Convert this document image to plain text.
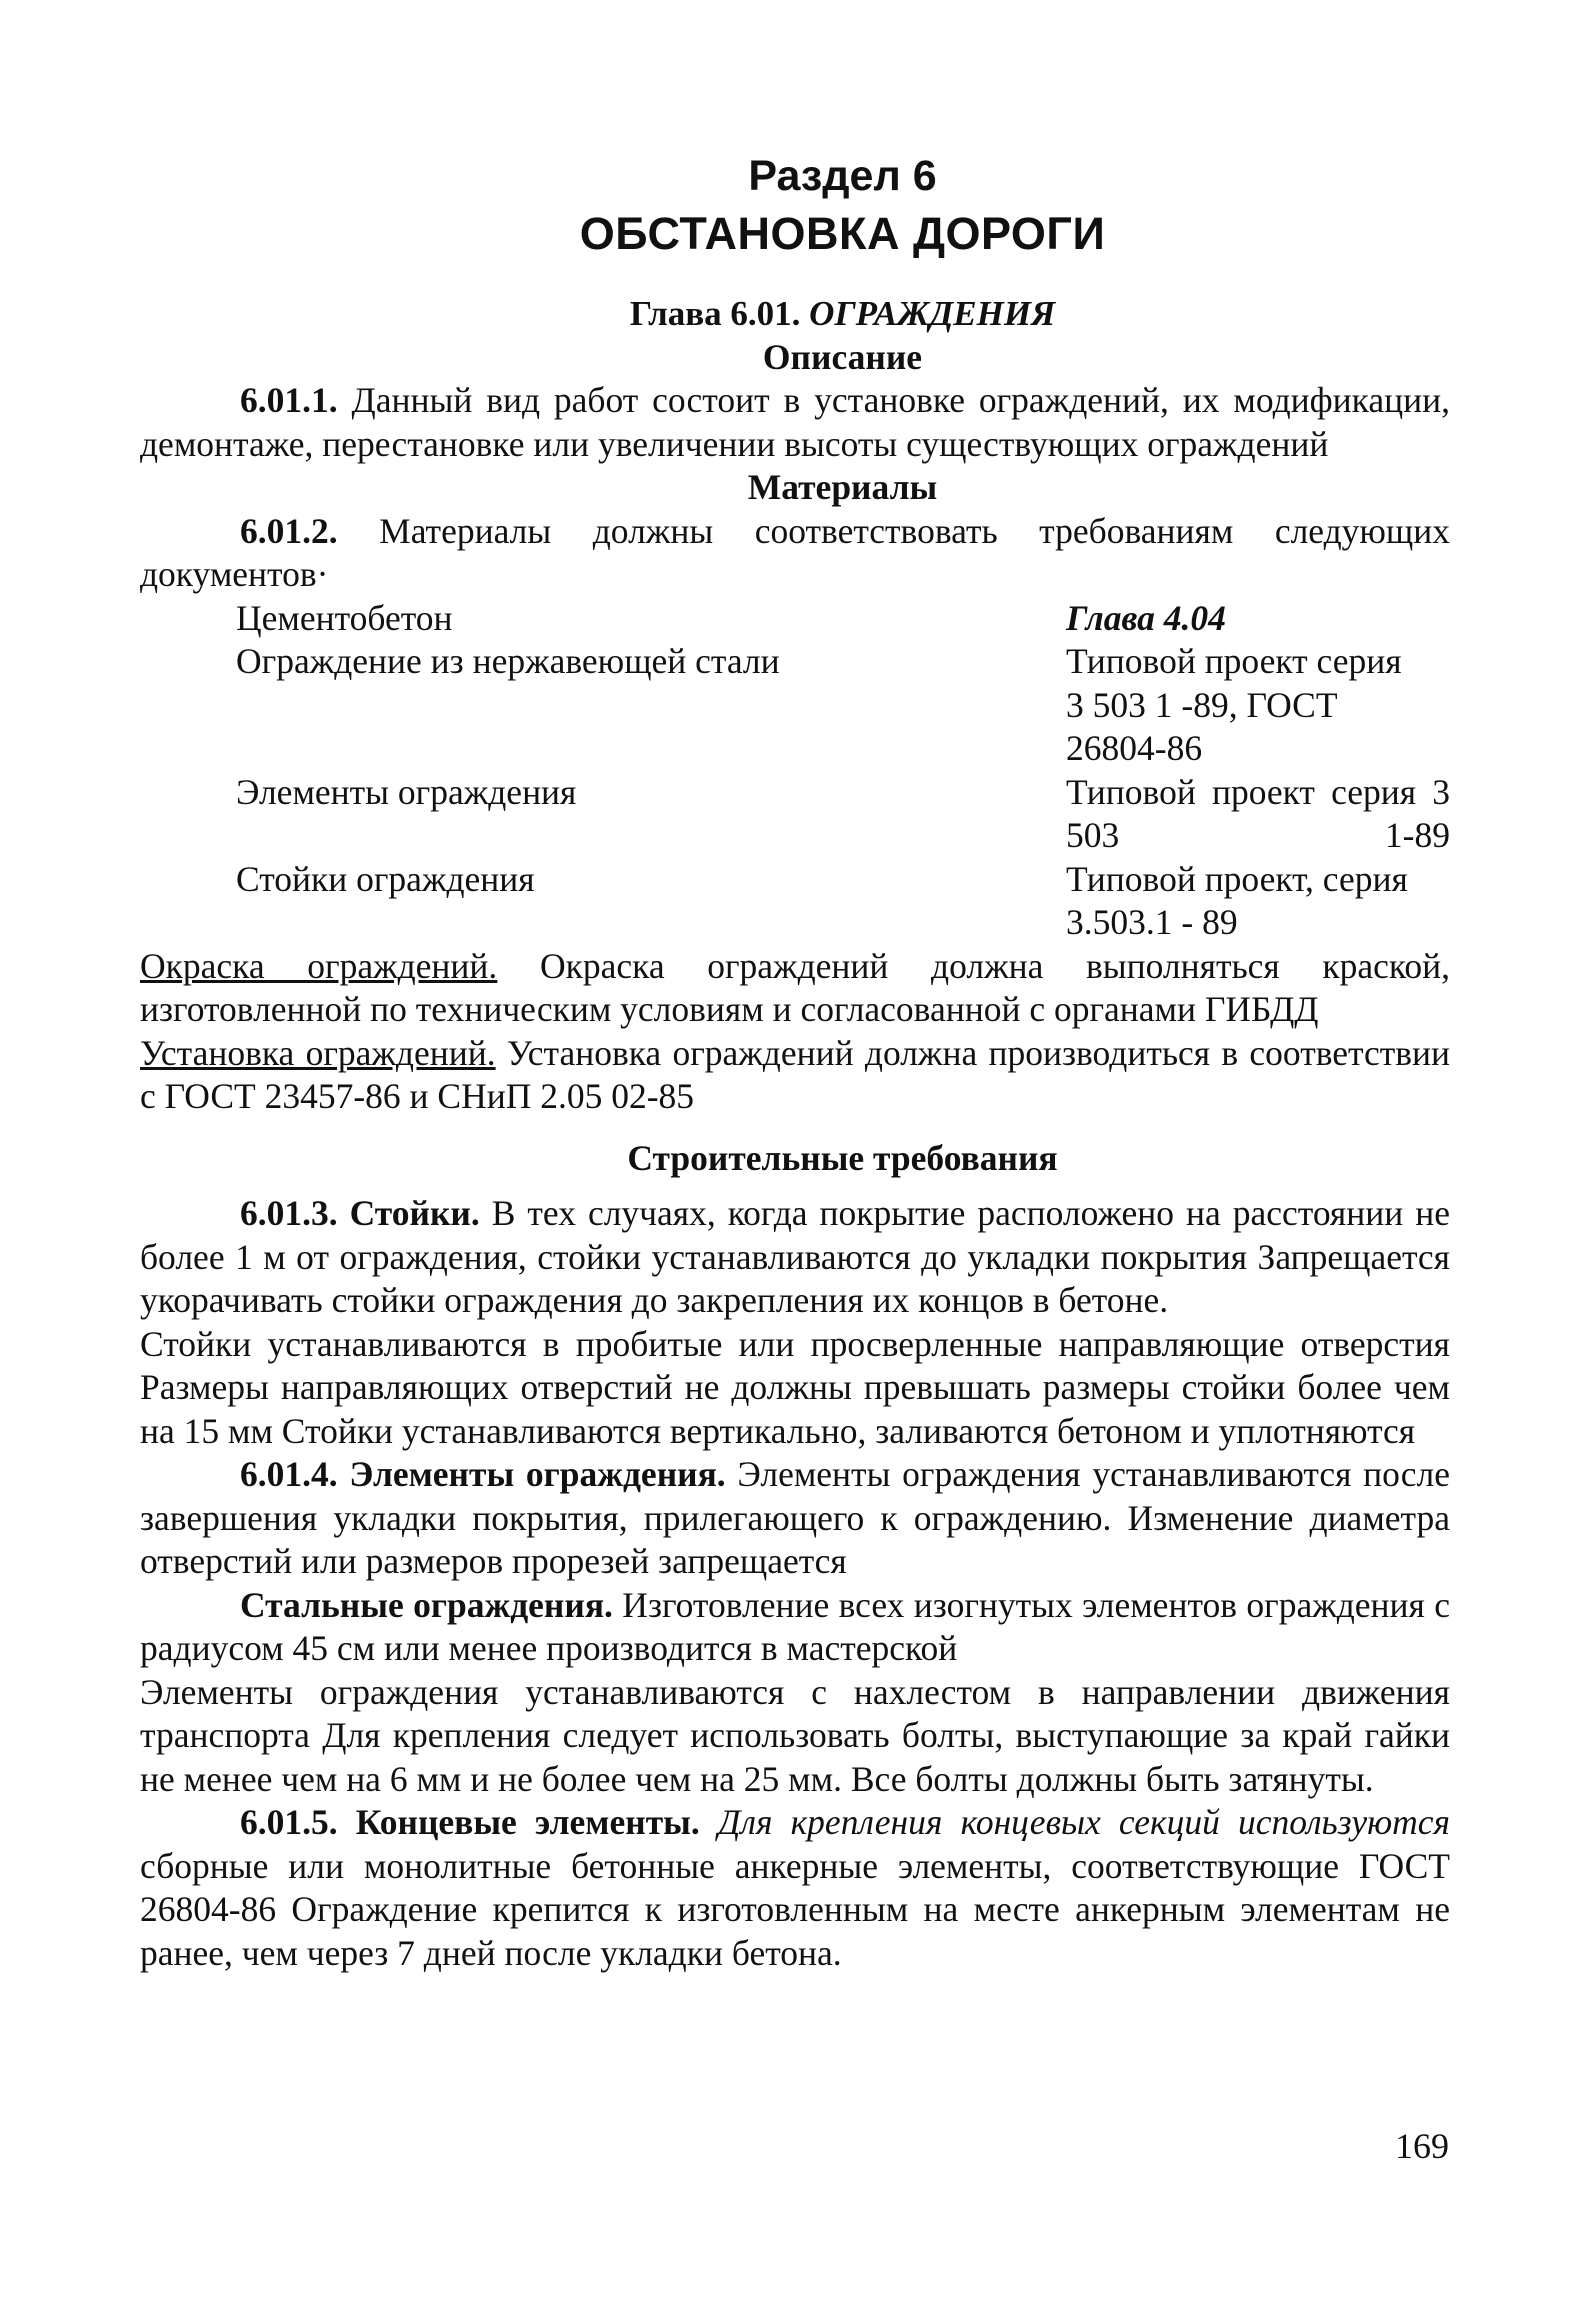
Раздел 6
ОБСТАНОВКА ДОРОГИ
Глава 6.01. ОГРАЖДЕНИЯ
Описание

6.01.1. Данный вид работ состоит в установке ограждений, их модификации, демонтаже, перестановке или увеличении высоты существующих ограждений

Материалы

6.01.2. Материалы должны соответствовать требованиям следующих документов·

Цементобетон	Глава 4.04
Ограждение из нержавеющей стали	Типовой проект серия 3 503 1 -89, ГОСТ 26804-86
Элементы ограждения	Типовой проект серия 3 503 1-89
Стойки ограждения	Типовой проект, серия 3.503.1 - 89

Окраска ограждений. Окраска ограждений должна выполняться краской, изготовленной по техническим условиям и согласованной с органами ГИБДД

Установка ограждений. Установка ограждений должна производиться в соответствии с ГОСТ 23457-86 и СНиП 2.05 02-85

Строительные требования

6.01.3. Стойки. В тех случаях, когда покрытие расположено на расстоянии не более 1 м от ограждения, стойки устанавливаются до укладки покрытия Запрещается укорачивать стойки ограждения до закрепления их концов в бетоне.

Стойки устанавливаются в пробитые или просверленные направляющие отверстия Размеры направляющих отверстий не должны превышать размеры стойки более чем на 15 мм Стойки устанавливаются вертикально, заливаются бетоном и уплотняются

6.01.4. Элементы ограждения. Элементы ограждения устанавливаются после завершения укладки покрытия, прилегающего к ограждению. Изменение диаметра отверстий или размеров прорезей запрещается

Стальные ограждения. Изготовление всех изогнутых элементов ограждения с радиусом 45 см или менее производится в мастерской

Элементы ограждения устанавливаются с нахлестом в направлении движения транспорта Для крепления следует использовать болты, выступающие за край гайки не менее чем на 6 мм и не более чем на 25 мм. Все болты должны быть затянуты.

6.01.5. Концевые элементы. Для крепления концевых секций используются сборные или монолитные бетонные анкерные элементы, соответствующие ГОСТ 26804-86 Ограждение крепится к изготовленным на месте анкерным элементам не ранее, чем через 7 дней после укладки бетона.

169
